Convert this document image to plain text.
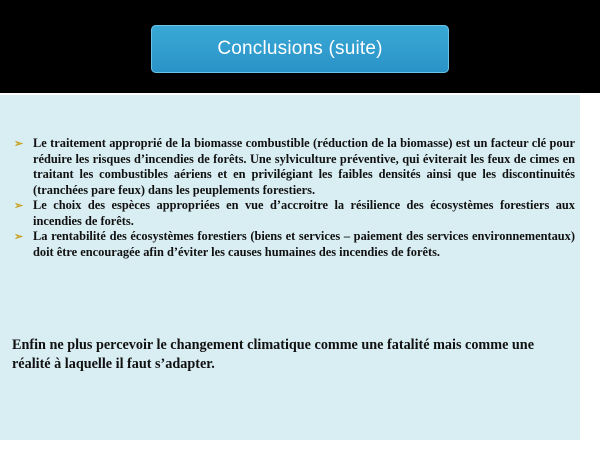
Conclusions (suite)
➢ Le traitement approprié de la biomasse combustible (réduction de la biomasse) est un facteur clé pour réduire les risques d’incendies de forêts. Une sylviculture préventive, qui éviterait les feux de cimes en traitant les combustibles aériens et en privilégiant les faibles densités ainsi que les discontinuités (tranchées pare feux) dans les peuplements forestiers.
➢ Le choix des espèces appropriées en vue d’accroitre la résilience des écosystèmes forestiers aux incendies de forêts.
➢ La rentabilité des écosystèmes forestiers (biens et services – paiement des services environnementaux) doit être encouragée afin d’éviter les causes humaines des incendies de forêts.

Enfin ne plus percevoir le changement climatique comme une fatalité mais comme une réalité à laquelle il faut s’adapter.
